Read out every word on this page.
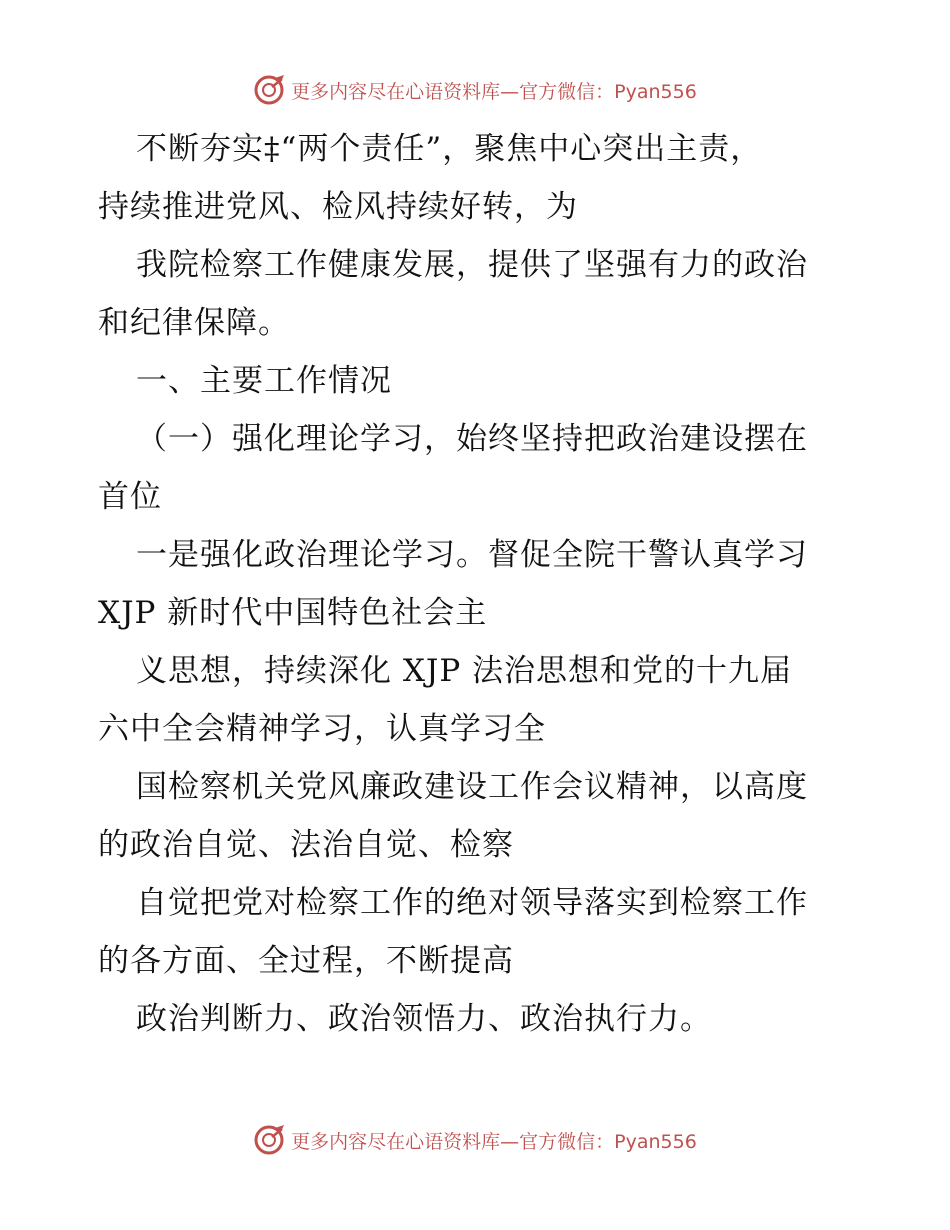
更多内容尽在心语资料库—官方微信：Pyan556
不断夯实‡“两个责任”，聚焦中心突出主责，
持续推进党风、检风持续好转，为
我院检察工作健康发展，提供了坚强有力的政治
和纪律保障。
一、主要工作情况
（一）强化理论学习，始终坚持把政治建设摆在
首位
一是强化政治理论学习。督促全院干警认真学习
XJP 新时代中国特色社会主
义思想，持续深化 XJP 法治思想和党的十九届
六中全会精神学习，认真学习全
国检察机关党风廉政建设工作会议精神，以高度
的政治自觉、法治自觉、检察
自觉把党对检察工作的绝对领导落实到检察工作
的各方面、全过程，不断提高
政治判断力、政治领悟力、政治执行力。
更多内容尽在心语资料库—官方微信：Pyan556
